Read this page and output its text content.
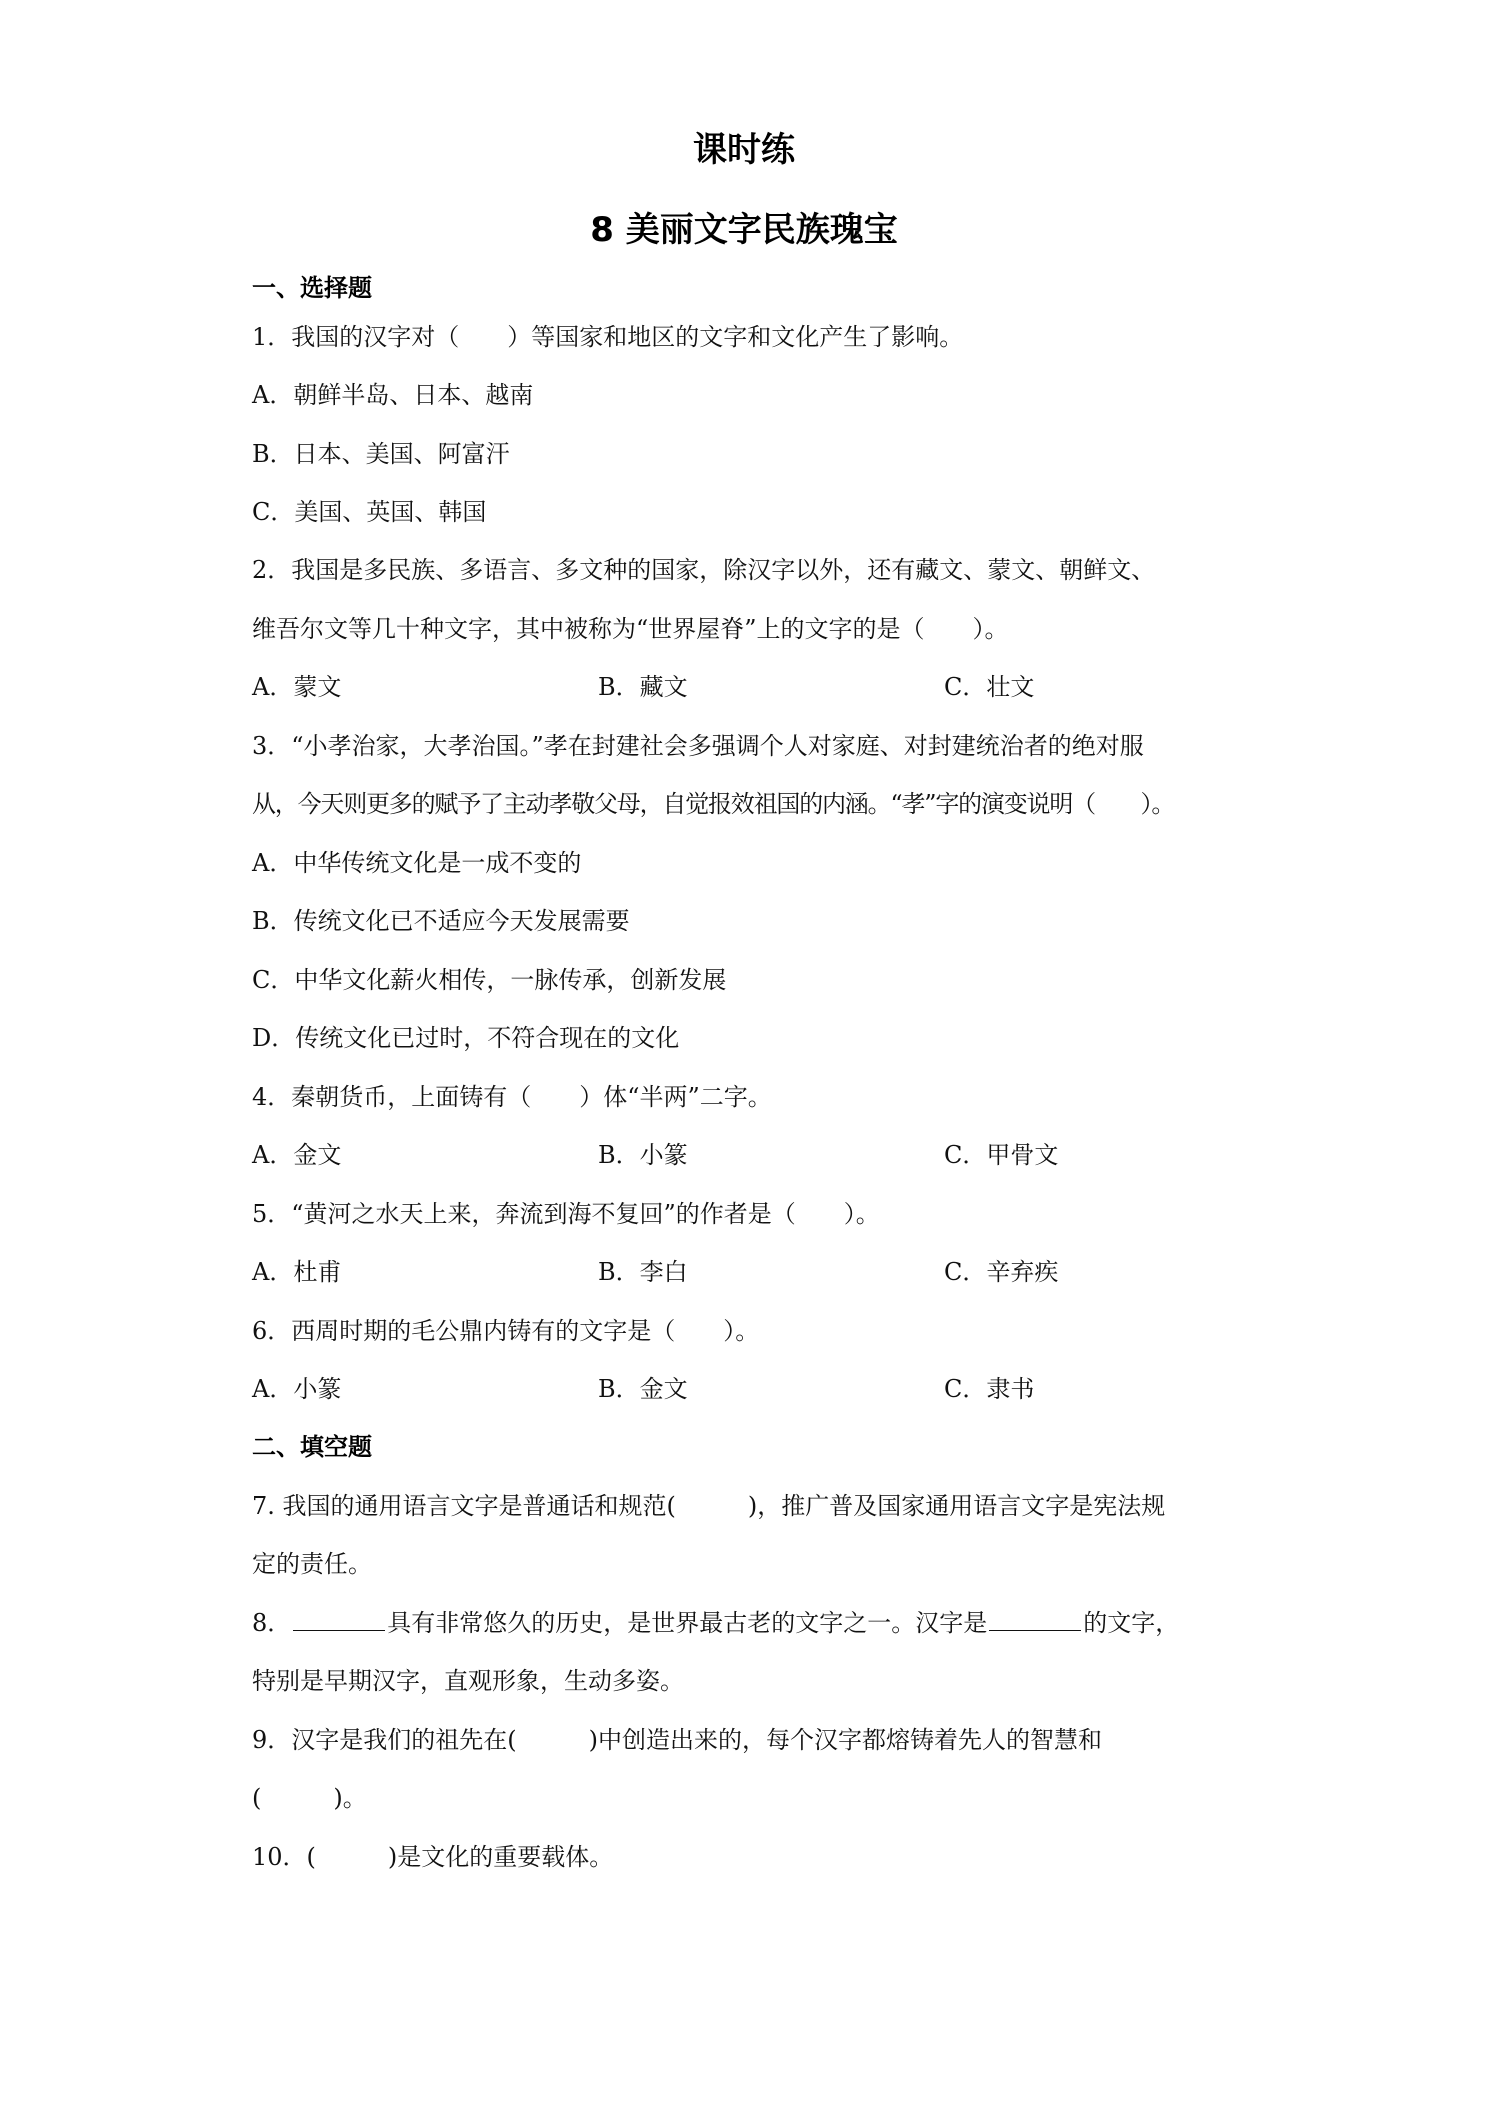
课时练
8 美丽文字民族瑰宝
一、选择题
1．我国的汉字对（　　）等国家和地区的文字和文化产生了影响。
A．朝鲜半岛、日本、越南
B．日本、美国、阿富汗
C．美国、英国、韩国
2．我国是多民族、多语言、多文种的国家，除汉字以外，还有藏文、蒙文、朝鲜文、
维吾尔文等几十种文字，其中被称为“世界屋脊”上的文字的是（　　）。
A．蒙文	B．藏文	C．壮文
3．“小孝治家，大孝治国。”孝在封建社会多强调个人对家庭、对封建统治者的绝对服
从，今天则更多的赋予了主动孝敬父母，自觉报效祖国的内涵。“孝”字的演变说明（　　）。
A．中华传统文化是一成不变的
B．传统文化已不适应今天发展需要
C．中华文化薪火相传，一脉传承，创新发展
D．传统文化已过时，不符合现在的文化
4．秦朝货币，上面铸有（　　）体“半两”二字。
A．金文	B．小篆	C．甲骨文
5．“黄河之水天上来，奔流到海不复回”的作者是（　　）。
A．杜甫	B．李白	C．辛弃疾
6．西周时期的毛公鼎内铸有的文字是（　　）。
A．小篆	B．金文	C．隶书
二、填空题
7. 我国的通用语言文字是普通话和规范(　　　)，推广普及国家通用语言文字是宪法规
定的责任。
8．	具有非常悠久的历史，是世界最古老的文字之一。汉字是	的文字，
特别是早期汉字，直观形象，生动多姿。
9．汉字是我们的祖先在(　　　)中创造出来的，每个汉字都熔铸着先人的智慧和
(　　　)。
10．(　　　)是文化的重要载体。
